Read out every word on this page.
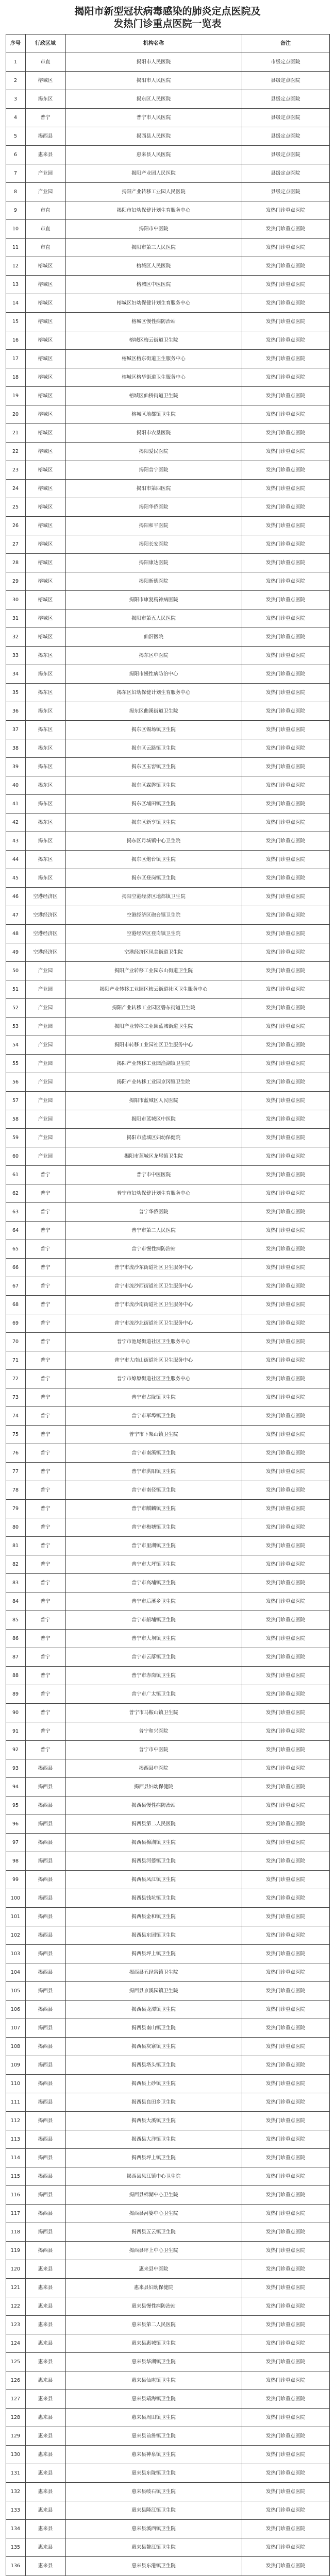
揭阳市新型冠状病毒感染的肺炎定点医院及
发热门诊重点医院一览表
序号	行政区域	机构名称	备注
1	市直	揭阳市人民医院	市级定点医院
2	榕城区	揭阳市人民医院	县级定点医院
3	揭东区	揭东区人民医院	县级定点医院
4	普宁	普宁市人民医院	县级定点医院
5	揭西县	揭西县人民医院	县级定点医院
6	惠来县	惠来县人民医院	县级定点医院
7	产业园	揭阳产业园人民医院	县级定点医院
8	产业园	揭阳产业转移工业园人民医院	县级定点医院
9	市直	揭阳市妇幼保健计划生育服务中心	发热门诊重点医院
10	市直	揭阳市中医院	发热门诊重点医院
11	市直	揭阳市第三人民医院	发热门诊重点医院
12	榕城区	榕城区人民医院	发热门诊重点医院
13	榕城区	榕城区中医医院	发热门诊重点医院
14	榕城区	榕城区妇幼保健计划生育服务中心	发热门诊重点医院
15	榕城区	榕城区慢性病防治站	发热门诊重点医院
16	榕城区	榕城区梅云街道卫生院	发热门诊重点医院
17	榕城区	榕城区榕东街道卫生服务中心	发热门诊重点医院
18	榕城区	榕城区榕华街道卫生服务中心	发热门诊重点医院
19	榕城区	榕城区仙桥街道卫生院	发热门诊重点医院
20	榕城区	榕城区地都镇卫生院	发热门诊重点医院
21	榕城区	揭阳市农垦医院	发热门诊重点医院
22	榕城区	揭阳爱民医院	发热门诊重点医院
23	榕城区	揭阳普宁医院	发热门诊重点医院
24	榕城区	揭阳市第四医院	发热门诊重点医院
25	榕城区	揭阳华侨医院	发热门诊重点医院
26	榕城区	揭阳和平医院	发热门诊重点医院
27	榕城区	揭阳长安医院	发热门诊重点医院
28	榕城区	揭阳康达医院	发热门诊重点医院
29	榕城区	揭阳新德医院	发热门诊重点医院
30	榕城区	揭阳市康复精神病医院	发热门诊重点医院
31	榕城区	揭阳市第五人民医院	发热门诊重点医院
32	榕城区	仙滘医院	发热门诊重点医院
33	揭东区	揭东区中医院	发热门诊重点医院
34	揭东区	揭阳市慢性病防治中心	发热门诊重点医院
35	揭东区	揭东区妇幼保健计划生育服务中心	发热门诊重点医院
36	揭东区	揭东区曲溪街道卫生院	发热门诊重点医院
37	揭东区	揭东区锡场镇卫生院	发热门诊重点医院
38	揭东区	揭东区云路镇卫生院	发热门诊重点医院
39	揭东区	揭东区玉窖镇卫生院	发热门诊重点医院
40	揭东区	揭东区霖磐镇卫生院	发热门诊重点医院
41	揭东区	揭东区埔田镇卫生院	发热门诊重点医院
42	揭东区	揭东区新亨镇卫生院	发热门诊重点医院
43	揭东区	揭东区月城镇中心卫生院	发热门诊重点医院
44	揭东区	揭东区炮台镇卫生院	发热门诊重点医院
45	揭东区	揭东区登岗镇卫生院	发热门诊重点医院
46	空港经济区	揭阳空港经济区地都镇卫生院	发热门诊重点医院
47	空港经济区	空港经济区砲台镇卫生院	发热门诊重点医院
48	空港经济区	空港经济区登岗镇卫生院	发热门诊重点医院
49	空港经济区	空港经济区凤美街道卫生院	发热门诊重点医院
50	产业园	揭阳产业转移工业园东山街道卫生院	发热门诊重点医院
51	产业园	揭阳产业转移工业园区梅云街道社区卫生服务中心	发热门诊重点医院
52	产业园	揭阳产业转移工业园区磐东街道卫生院	发热门诊重点医院
53	产业园	揭阳产业转移工业园蓝城街道卫生院	发热门诊重点医院
54	产业园	揭阳市转移工业园社区卫生服务中心	发热门诊重点医院
55	产业园	揭阳产业转移工业园渔湖镇卫生院	发热门诊重点医院
56	产业园	揭阳产业转移工业园京冈镇卫生院	发热门诊重点医院
57	产业园	揭阳市蓝城区人民医院	发热门诊重点医院
58	产业园	揭阳市蓝城区中医院	发热门诊重点医院
59	产业园	揭阳市蓝城区妇幼保健院	发热门诊重点医院
60	产业园	揭阳市蓝城区龙尾镇卫生院	发热门诊重点医院
61	普宁	普宁市中医医院	发热门诊重点医院
62	普宁	普宁市妇幼保健计划生育服务中心	发热门诊重点医院
63	普宁	普宁华侨医院	发热门诊重点医院
64	普宁	普宁市第二人民医院	发热门诊重点医院
65	普宁	普宁市慢性病防治站	发热门诊重点医院
66	普宁	普宁市流沙东街道社区卫生服务中心	发热门诊重点医院
67	普宁	普宁市流沙西街道社区卫生服务中心	发热门诊重点医院
68	普宁	普宁市流沙南街道社区卫生服务中心	发热门诊重点医院
69	普宁	普宁市流沙北街道社区卫生服务中心	发热门诊重点医院
70	普宁	普宁市池尾街道社区卫生服务中心	发热门诊重点医院
71	普宁	普宁市大南山街道社区卫生服务中心	发热门诊重点医院
72	普宁	普宁市燎原街道社区卫生服务中心	发热门诊重点医院
73	普宁	普宁市占陇镇卫生院	发热门诊重点医院
74	普宁	普宁市军埠镇卫生院	发热门诊重点医院
75	普宁	普宁市下架山镇卫生院	发热门诊重点医院
76	普宁	普宁市南溪镇卫生院	发热门诊重点医院
77	普宁	普宁市洪阳镇卫生院	发热门诊重点医院
78	普宁	普宁市南径镇卫生院	发热门诊重点医院
79	普宁	普宁市麒麟镇卫生院	发热门诊重点医院
80	普宁	普宁市梅塘镇卫生院	发热门诊重点医院
81	普宁	普宁市里湖镇卫生院	发热门诊重点医院
82	普宁	普宁市大坪镇卫生院	发热门诊重点医院
83	普宁	普宁市高埔镇卫生院	发热门诊重点医院
84	普宁	普宁市后溪乡卫生院	发热门诊重点医院
85	普宁	普宁市船埔镇卫生院	发热门诊重点医院
86	普宁	普宁市大坝镇卫生院	发热门诊重点医院
87	普宁	普宁市云落镇卫生院	发热门诊重点医院
88	普宁	普宁市赤岗镇卫生院	发热门诊重点医院
89	普宁	普宁市广太镇卫生院	发热门诊重点医院
90	普宁	普宁市马鞍山镇卫生院	发热门诊重点医院
91	普宁	普宁和兴医院	发热门诊重点医院
92	普宁	普宁市中医院	发热门诊重点医院
93	揭西县	揭西县中医院	发热门诊重点医院
94	揭西县	揭西县妇幼保健院	发热门诊重点医院
95	揭西县	揭西县慢性病防治站	发热门诊重点医院
96	揭西县	揭西县第二人民医院	发热门诊重点医院
97	揭西县	揭西县棉湖镇卫生院	发热门诊重点医院
98	揭西县	揭西县河婆镇卫生院	发热门诊重点医院
99	揭西县	揭西县凤江镇卫生院	发热门诊重点医院
100	揭西县	揭西县钱坑镇卫生院	发热门诊重点医院
101	揭西县	揭西县金和镇卫生院	发热门诊重点医院
102	揭西县	揭西县东园镇卫生院	发热门诊重点医院
103	揭西县	揭西县坪上镇卫生院	发热门诊重点医院
104	揭西县	揭西县五经富镇卫生院	发热门诊重点医院
105	揭西县	揭西县京溪园镇卫生院	发热门诊重点医院
106	揭西县	揭西县龙潭镇卫生院	发热门诊重点医院
107	揭西县	揭西县南山镇卫生院	发热门诊重点医院
108	揭西县	揭西县灰寨镇卫生院	发热门诊重点医院
109	揭西县	揭西县塔头镇卫生院	发热门诊重点医院
110	揭西县	揭西县上砂镇卫生院	发热门诊重点医院
111	揭西县	揭西县良田乡卫生院	发热门诊重点医院
112	揭西县	揭西县大溪镇卫生院	发热门诊重点医院
113	揭西县	揭西县大洋镇卫生院	发热门诊重点医院
114	揭西县	揭西县坪上镇卫生院	发热门诊重点医院
115	揭西县	揭西县凤江镇中心卫生院	发热门诊重点医院
116	揭西县	揭西县棉湖中心卫生院	发热门诊重点医院
117	揭西县	揭西县河婆中心卫生院	发热门诊重点医院
118	揭西县	揭西县五云镇卫生院	发热门诊重点医院
119	揭西县	揭西县坪上中心卫生院	发热门诊重点医院
120	惠来县	惠来县中医院	发热门诊重点医院
121	惠来县	惠来县妇幼保健院	发热门诊重点医院
122	惠来县	惠来县慢性病防治站	发热门诊重点医院
123	惠来县	惠来县第二人民医院	发热门诊重点医院
124	惠来县	惠来县惠城镇卫生院	发热门诊重点医院
125	惠来县	惠来县华湖镇卫生院	发热门诊重点医院
126	惠来县	惠来县仙庵镇卫生院	发热门诊重点医院
127	惠来县	惠来县靖海镇卫生院	发热门诊重点医院
128	惠来县	惠来县周田镇卫生院	发热门诊重点医院
129	惠来县	惠来县前詹镇卫生院	发热门诊重点医院
130	惠来县	惠来县神泉镇卫生院	发热门诊重点医院
131	惠来县	惠来县东陇镇卫生院	发热门诊重点医院
132	惠来县	惠来县岐石镇卫生院	发热门诊重点医院
133	惠来县	惠来县隆江镇卫生院	发热门诊重点医院
134	惠来县	惠来县溪西镇卫生院	发热门诊重点医院
135	惠来县	惠来县鳌江镇卫生院	发热门诊重点医院
136	惠来县	惠来县东港镇卫生院	发热门诊重点医院
